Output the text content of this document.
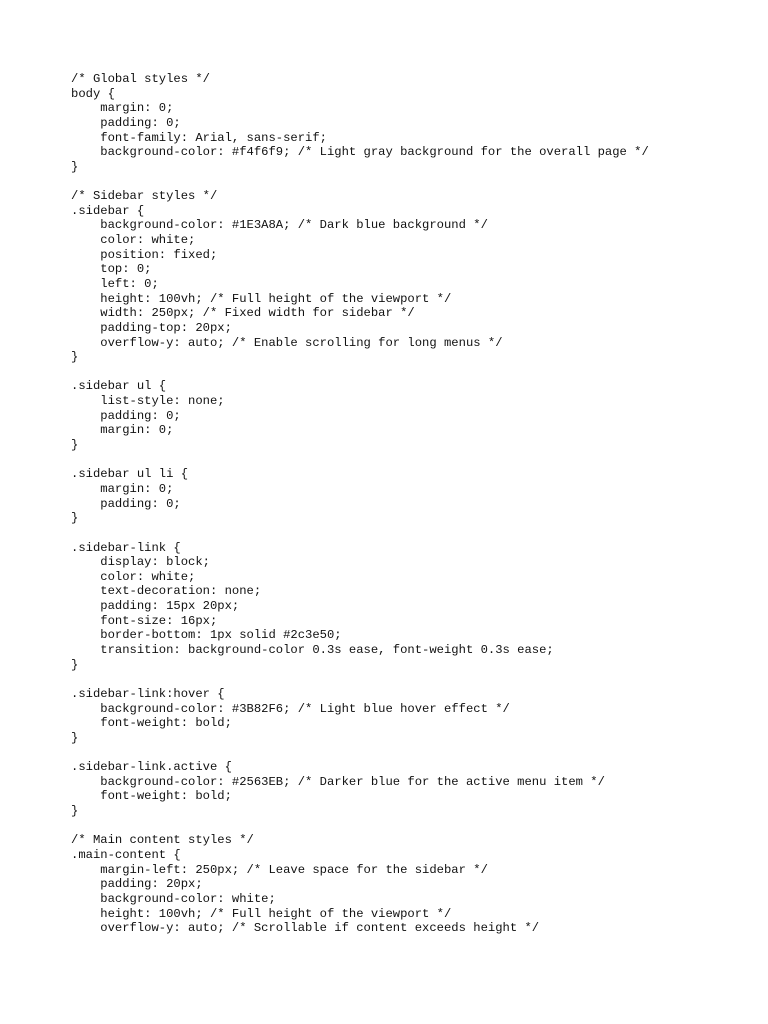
/* Global styles */
body {
margin: 0;
padding: 0;
font-family: Arial, sans-serif;
background-color: #f4f6f9; /* Light gray background for the overall page */
}
/* Sidebar styles */
.sidebar {
background-color: #1E3A8A; /* Dark blue background */
color: white;
position: fixed;
top: 0;
left: 0;
height: 100vh; /* Full height of the viewport */
width: 250px; /* Fixed width for sidebar */
padding-top: 20px;
overflow-y: auto; /* Enable scrolling for long menus */
}
.sidebar ul {
list-style: none;
padding: 0;
margin: 0;
}
.sidebar ul li {
margin: 0;
padding: 0;
}
.sidebar-link {
display: block;
color: white;
text-decoration: none;
padding: 15px 20px;
font-size: 16px;
border-bottom: 1px solid #2c3e50;
transition: background-color 0.3s ease, font-weight 0.3s ease;
}
.sidebar-link:hover {
background-color: #3B82F6; /* Light blue hover effect */
font-weight: bold;
}
.sidebar-link.active {
background-color: #2563EB; /* Darker blue for the active menu item */
font-weight: bold;
}
/* Main content styles */
.main-content {
margin-left: 250px; /* Leave space for the sidebar */
padding: 20px;
background-color: white;
height: 100vh; /* Full height of the viewport */
overflow-y: auto; /* Scrollable if content exceeds height */
